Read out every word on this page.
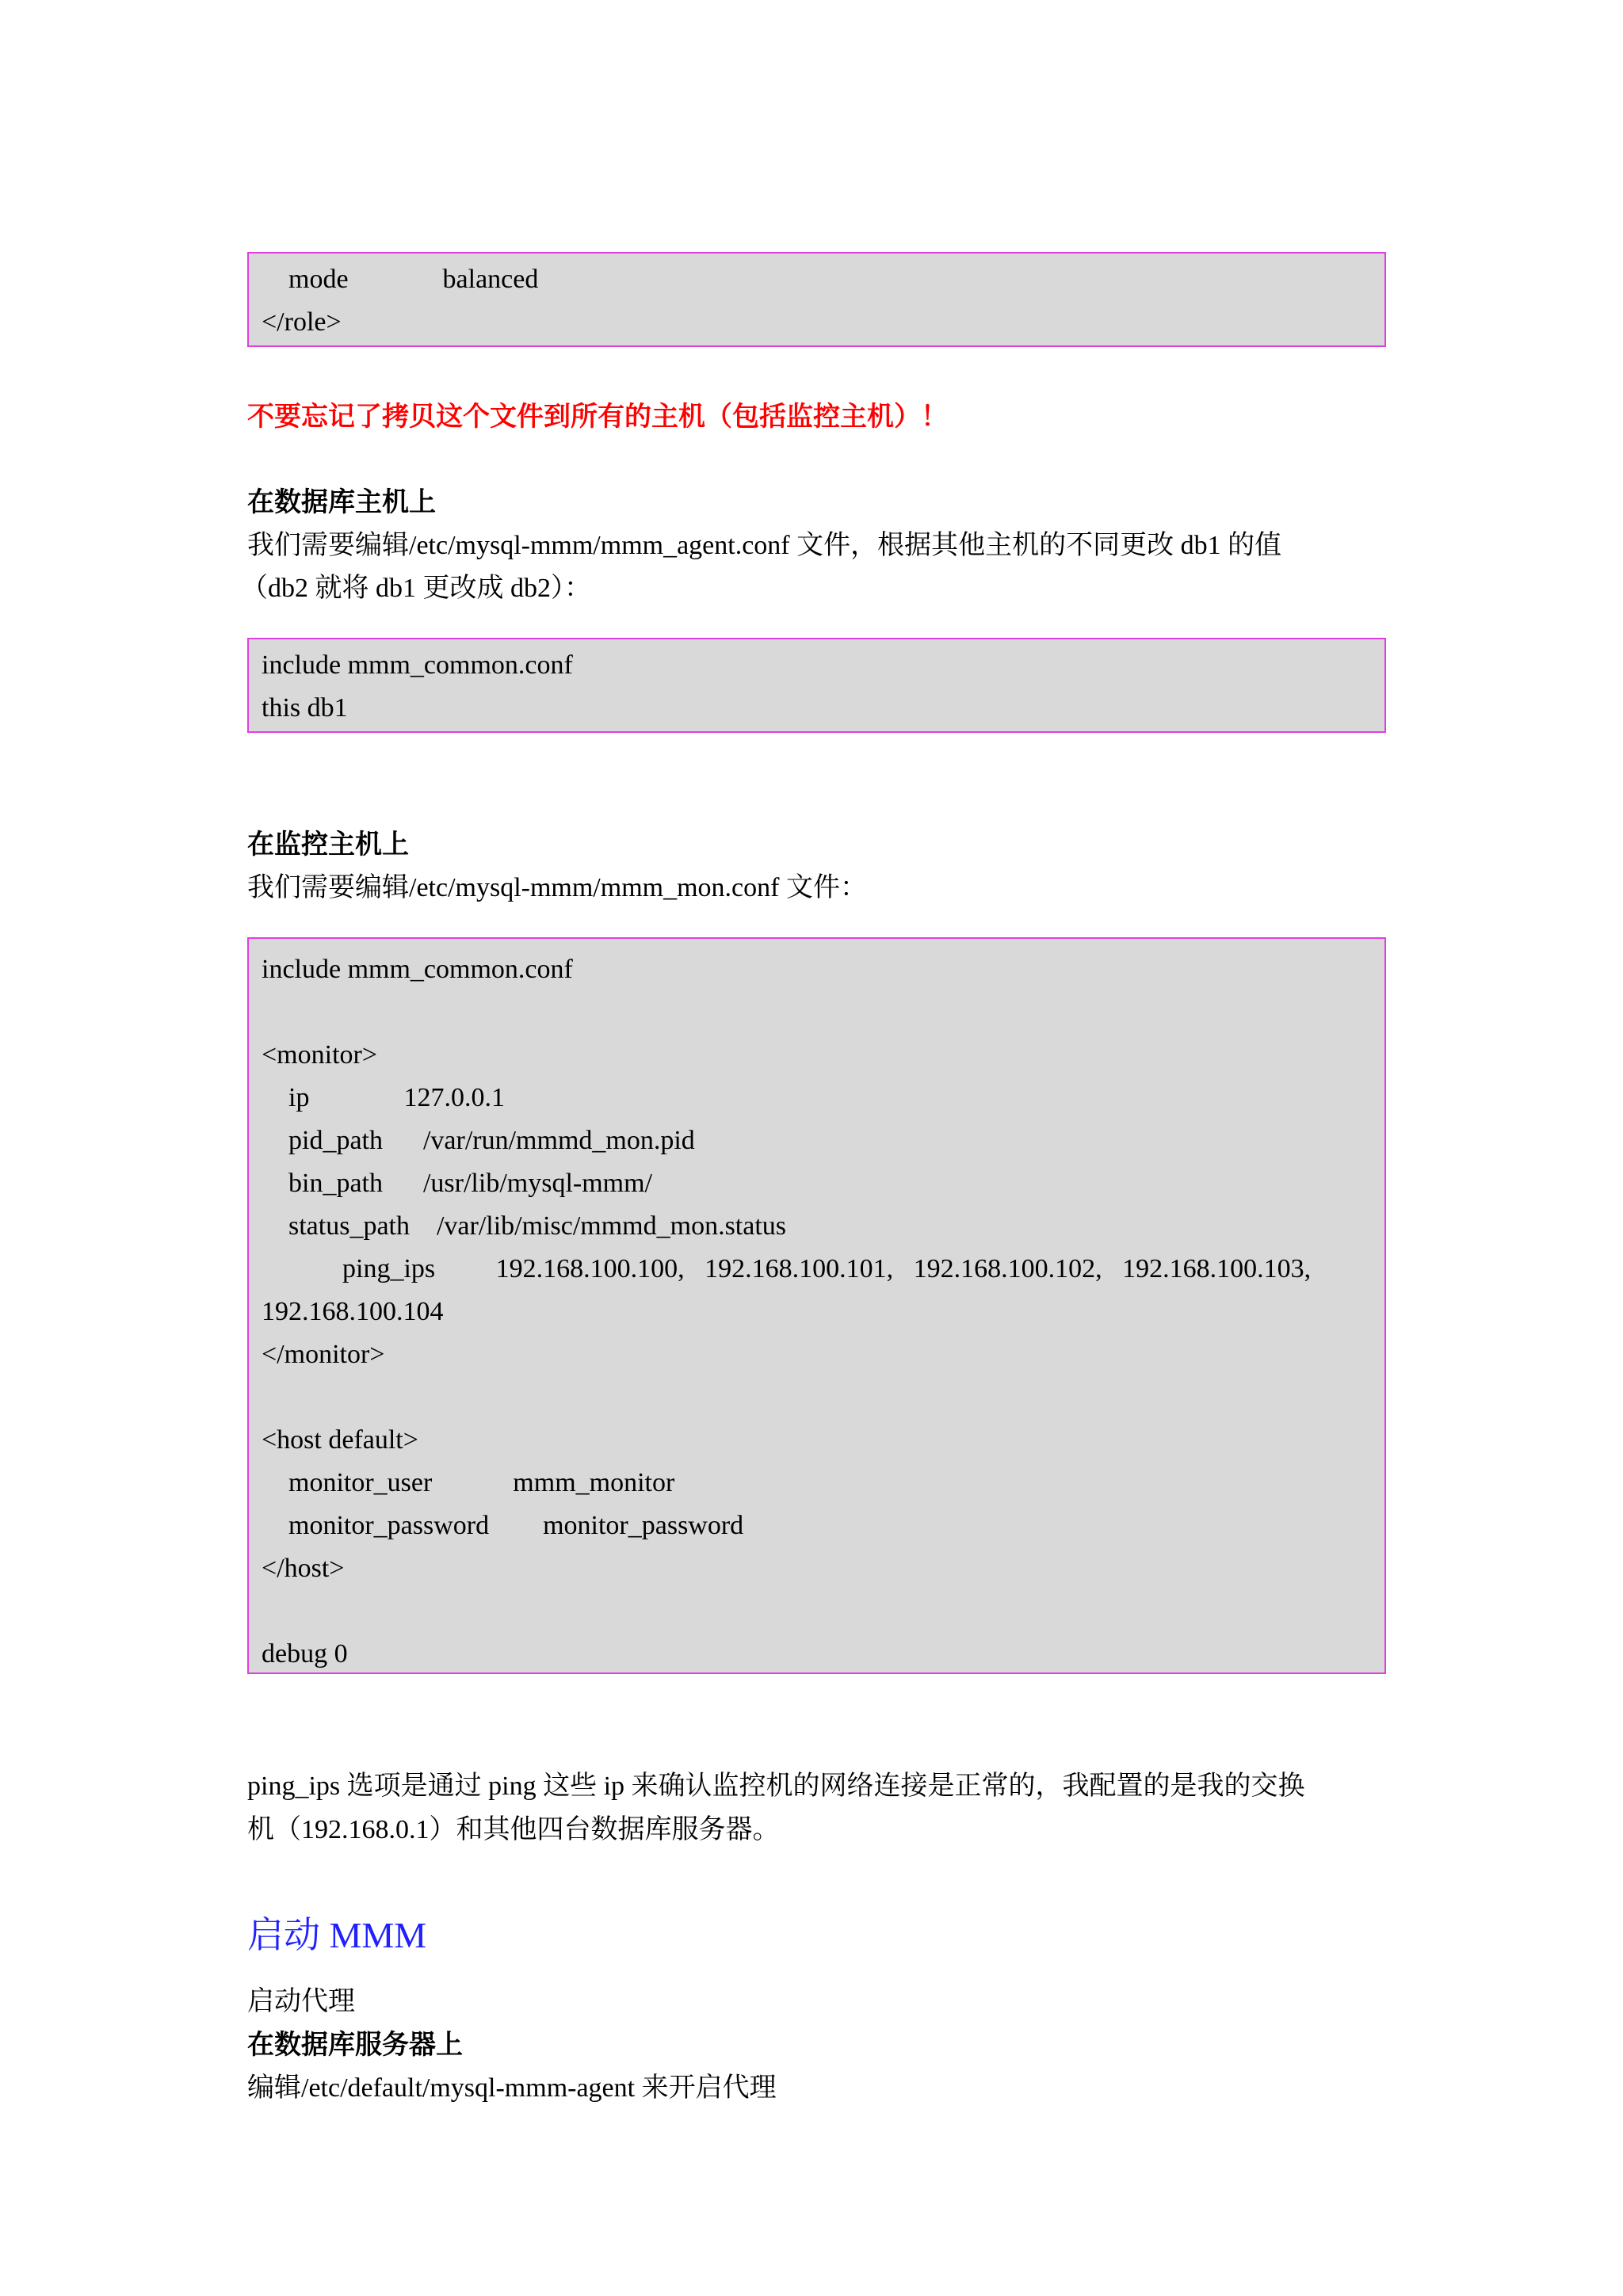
mode              balanced
</role>
不要忘记了拷贝这个文件到所有的主机（包括监控主机）！
在数据库主机上
我们需要编辑/etc/mysql-mmm/mmm_agent.conf 文件，根据其他主机的不同更改 db1 的值
（db2 就将 db1 更改成 db2）：
include mmm_common.conf
this db1
在监控主机上
我们需要编辑/etc/mysql-mmm/mmm_mon.conf 文件：
include mmm_common.conf
<monitor>
ip              127.0.0.1
pid_path      /var/run/mmmd_mon.pid
bin_path      /usr/lib/mysql-mmm/
status_path    /var/lib/misc/mmmd_mon.status
ping_ips         192.168.100.100,   192.168.100.101,   192.168.100.102,   192.168.100.103,
192.168.100.104
</monitor>
<host default>
monitor_user            mmm_monitor
monitor_password        monitor_password
</host>
debug 0
ping_ips 选项是通过 ping 这些 ip 来确认监控机的网络连接是正常的，我配置的是我的交换
机（192.168.0.1）和其他四台数据库服务器。
启动 MMM
启动代理
在数据库服务器上
编辑/etc/default/mysql-mmm-agent 来开启代理
